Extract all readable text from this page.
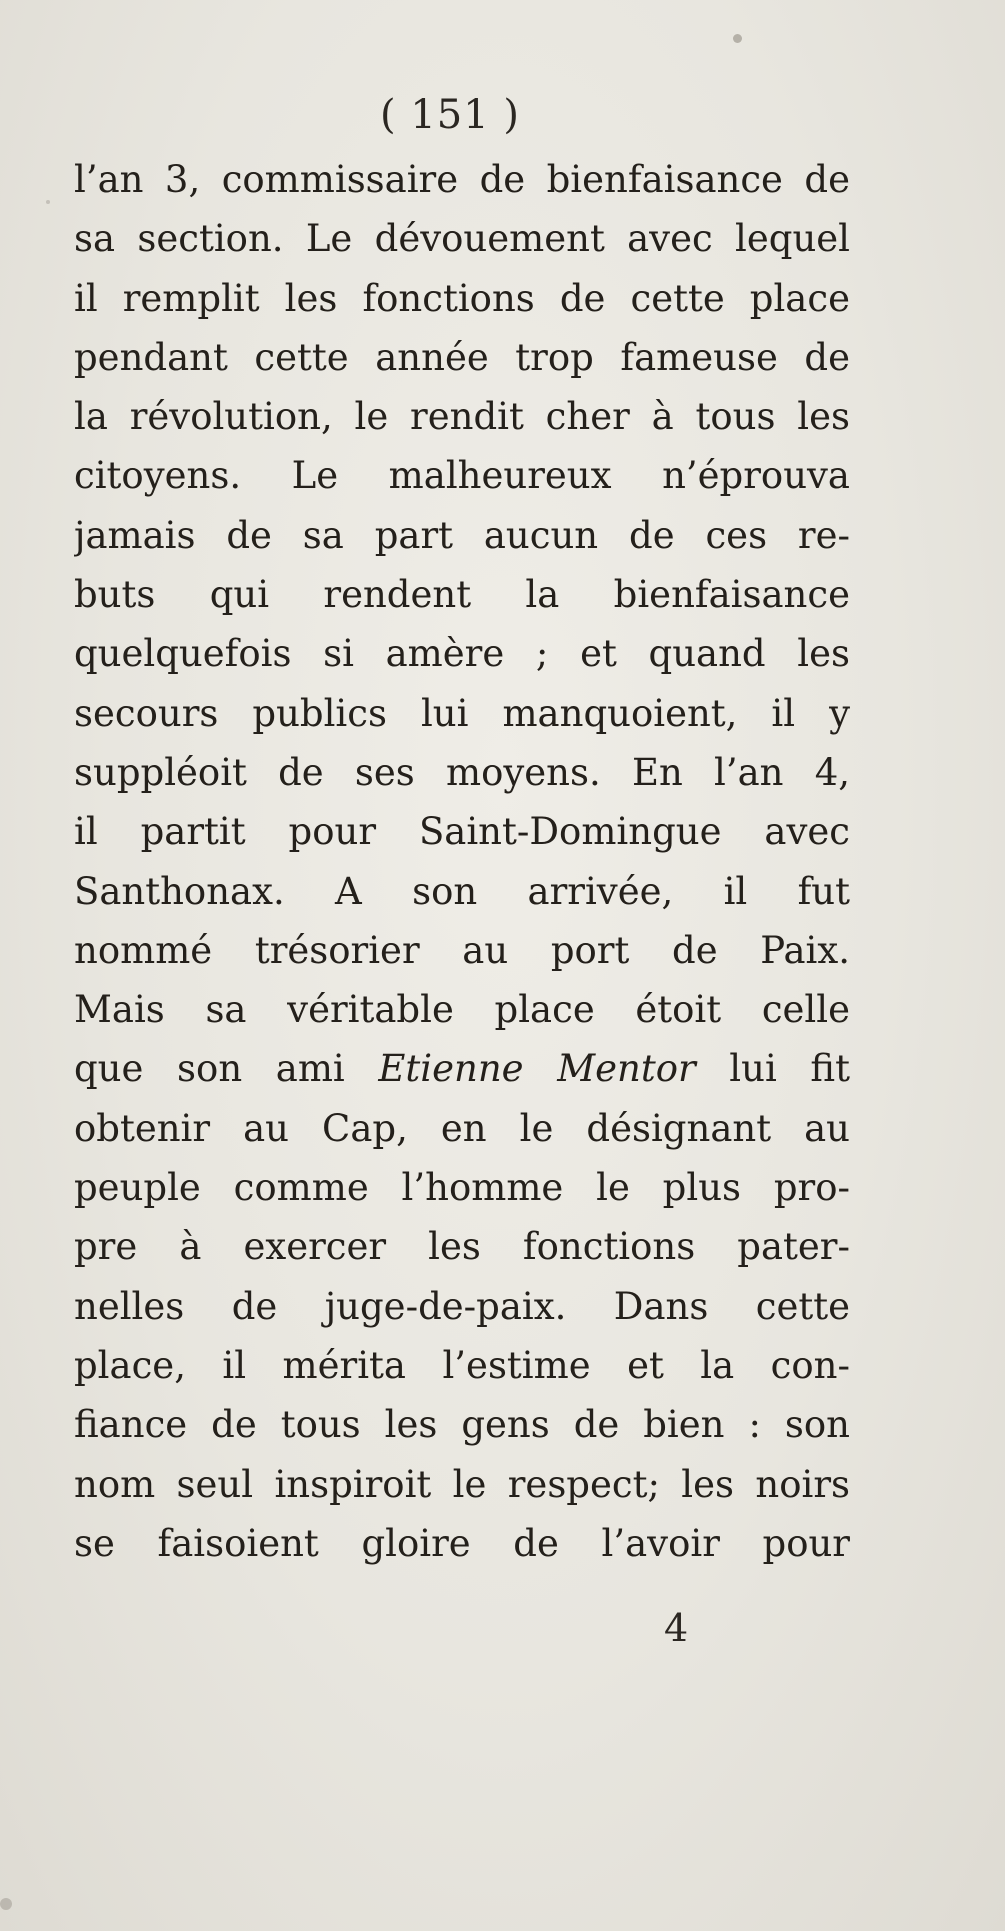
( 151 )
l’an 3, commissaire de bienfaisance de
sa section. Le dévouement avec lequel
il remplit les fonctions de cette place
pendant cette année trop fameuse de
la révolution, le rendit cher à tous les
citoyens. Le malheureux n’éprouva
jamais de sa part aucun de ces re-
buts qui rendent la bienfaisance
quelquefois si amère ; et quand les
secours publics lui manquoient, il y
suppléoit de ses moyens. En l’an 4,
il partit pour Saint-Domingue avec
Santhonax. A son arrivée, il fut
nommé trésorier au port de Paix.
Mais sa véritable place étoit celle
que son ami Etienne Mentor lui fit
obtenir au Cap, en le désignant au
peuple comme l’homme le plus pro-
pre à exercer les fonctions pater-
nelles de juge-de-paix. Dans cette
place, il mérita l’estime et la con-
fiance de tous les gens de bien : son
nom seul inspiroit le respect; les noirs
se faisoient gloire de l’avoir pour
4
